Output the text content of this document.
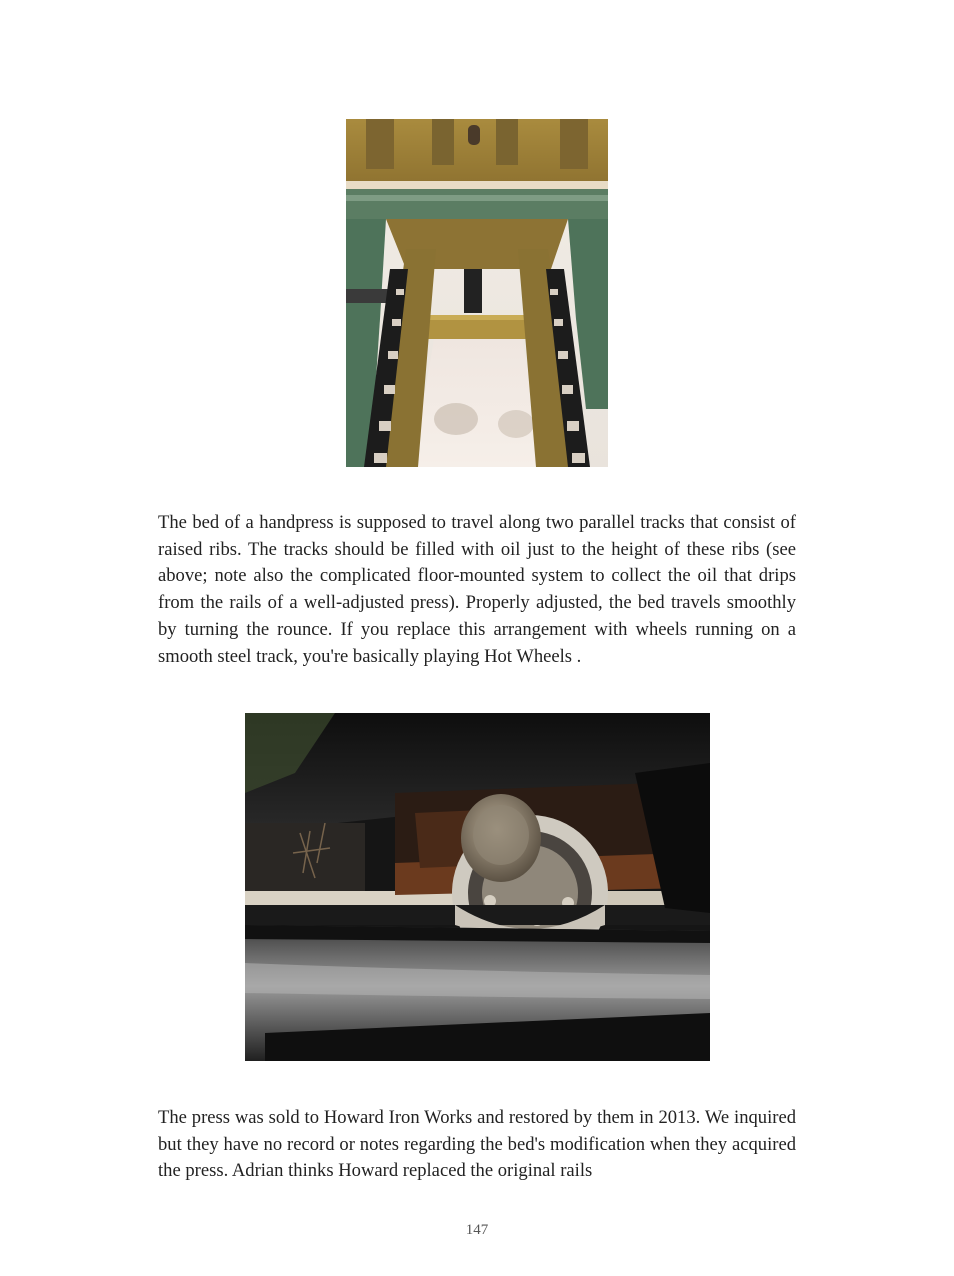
The bed of a handpress is supposed to travel along two parallel tracks that consist of raised ribs. The tracks should be filled with oil just to the height of these ribs (see above; note also the complicated floor-mounted system to collect the oil that drips from the rails of a well-adjusted press). Properly adjusted, the bed travels smoothly by turning the rounce. If you replace this arrangement with wheels running on a smooth steel track, you're basically playing Hot Wheels .

The press was sold to Howard Iron Works and restored by them in 2013. We inquired but they have no record or notes regarding the bed's modification when they acquired the press. Adrian thinks Howard replaced the original rails

147
